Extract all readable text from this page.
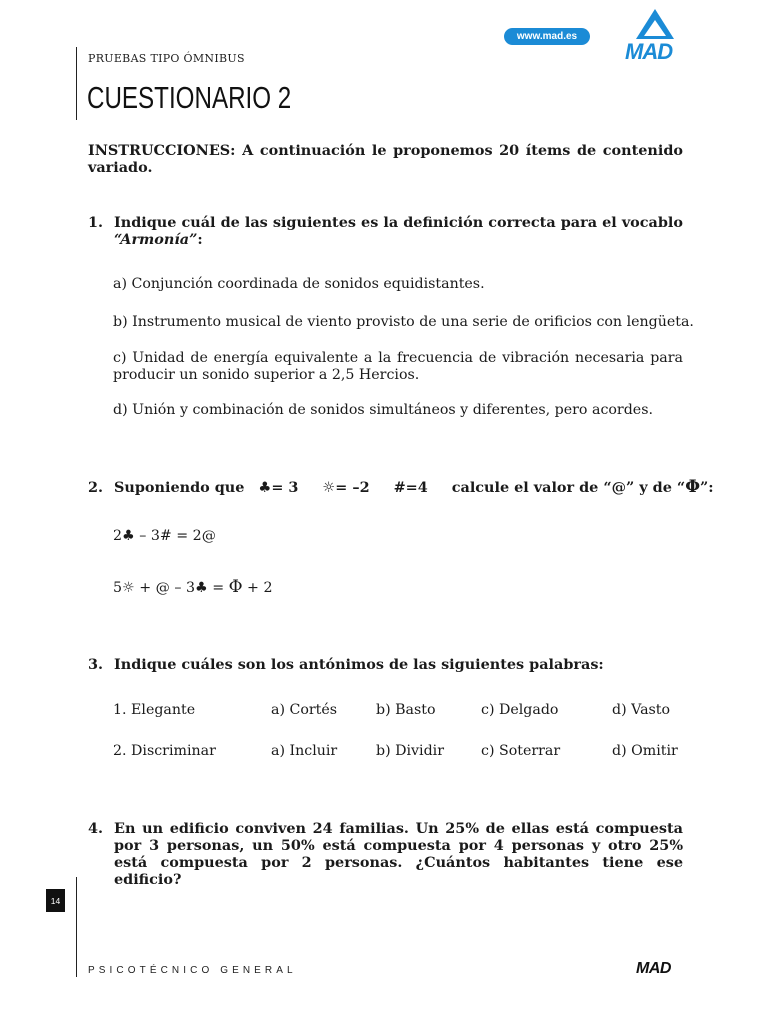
PRUEBAS TIPO ÓMNIBUS
CUESTIONARIO 2
www.mad.es
MAD
INSTRUCCIONES: A continuación le proponemos 20 ítems de contenido variado.
1. Indique cuál de las siguientes es la definición correcta para el vocablo “Armonía”:
a) Conjunción coordinada de sonidos equidistantes.
b) Instrumento musical de viento provisto de una serie de orificios con lengüeta.
c) Unidad de energía equivalente a la frecuencia de vibración necesaria para producir un sonido superior a 2,5 Hercios.
d) Unión y combinación de sonidos simultáneos y diferentes, pero acordes.
2. Suponiendo que ♣= 3 ☼= –2 #=4 calcule el valor de “@” y de “Φ”:
2♣ – 3# = 2@
5☼ + @ – 3♣ = Φ + 2
3. Indique cuáles son los antónimos de las siguientes palabras:
1. Elegante	a) Cortés	b) Basto	c) Delgado	d) Vasto
2. Discriminar	a) Incluir	b) Dividir	c) Soterrar	d) Omitir
4. En un edificio conviven 24 familias. Un 25% de ellas está compuesta por 3 personas, un 50% está compuesta por 4 personas y otro 25% está compuesta por 2 personas. ¿Cuántos habitantes tiene ese edificio?
14
PSICOTÉCNICO GENERAL	MAD
